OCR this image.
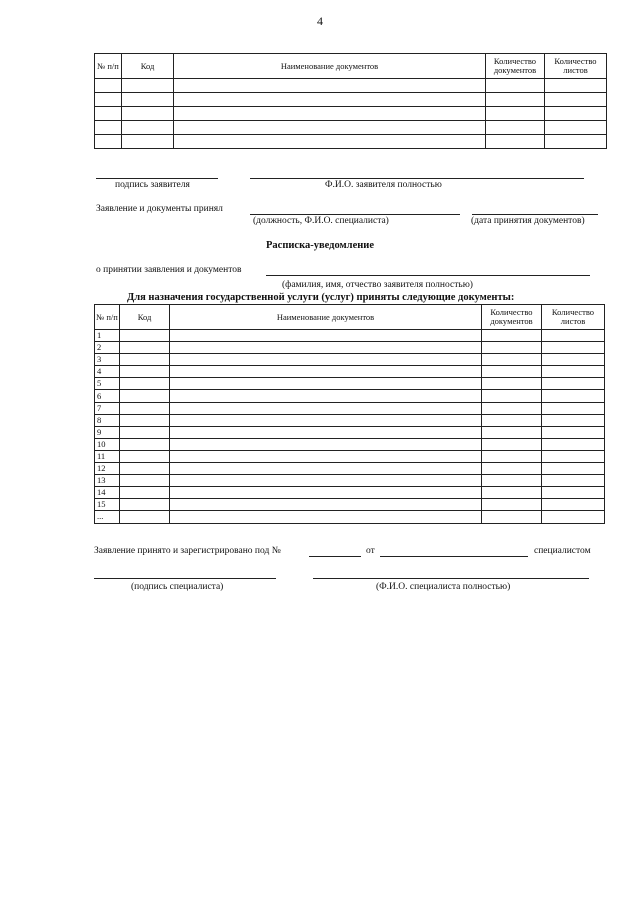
4
№ п/п	Код	Наименование документов	Количество документов	Количество листов

подпись заявителя	Ф.И.О. заявителя полностью
Заявление и документы принял
(должность, Ф.И.О. специалиста)	(дата принятия документов)
Расписка-уведомление
о принятии заявления и документов
(фамилия, имя, отчество заявителя полностью)
Для назначения государственной услуги (услуг) приняты следующие документы:
№ п/п	Код	Наименование документов	Количество документов	Количество листов
1				
2				
3				
4				
5				
6				
7				
8				
9				
10				
11				
12				
13				
14				
15				
...				
Заявление принято и зарегистрировано под №	от	специалистом
(подпись специалиста)	(Ф.И.О. специалиста полностью)
